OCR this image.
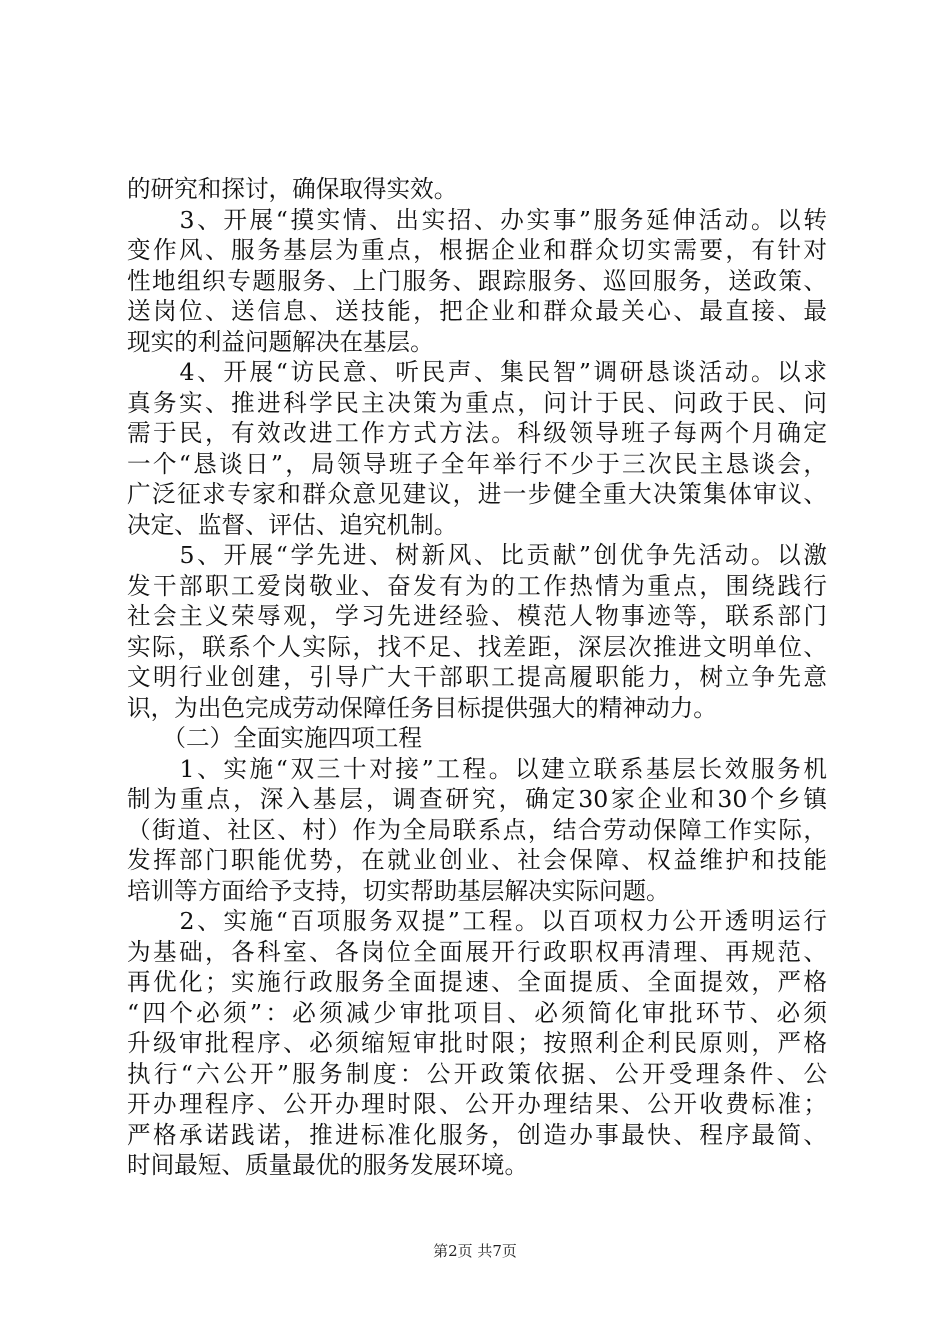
的研究和探讨，确保取得实效。
　　3、开展“摸实情、出实招、办实事”服务延伸活动。以转
变作风、服务基层为重点，根据企业和群众切实需要，有针对
性地组织专题服务、上门服务、跟踪服务、巡回服务，送政策、
送岗位、送信息、送技能，把企业和群众最关心、最直接、最
现实的利益问题解决在基层。
　　4、开展“访民意、听民声、集民智”调研恳谈活动。以求
真务实、推进科学民主决策为重点，问计于民、问政于民、问
需于民，有效改进工作方式方法。科级领导班子每两个月确定
一个“恳谈日”，局领导班子全年举行不少于三次民主恳谈会，
广泛征求专家和群众意见建议，进一步健全重大决策集体审议、
决定、监督、评估、追究机制。
　　5、开展“学先进、树新风、比贡献”创优争先活动。以激
发干部职工爱岗敬业、奋发有为的工作热情为重点，围绕践行
社会主义荣辱观，学习先进经验、模范人物事迹等，联系部门
实际，联系个人实际，找不足、找差距，深层次推进文明单位、
文明行业创建，引导广大干部职工提高履职能力，树立争先意
识，为出色完成劳动保障任务目标提供强大的精神动力。
　　（二）全面实施四项工程
　　1、实施“双三十对接”工程。以建立联系基层长效服务机
制为重点，深入基层，调查研究，确定30家企业和30个乡镇
（街道、社区、村）作为全局联系点，结合劳动保障工作实际，
发挥部门职能优势，在就业创业、社会保障、权益维护和技能
培训等方面给予支持，切实帮助基层解决实际问题。
　　2、实施“百项服务双提”工程。以百项权力公开透明运行
为基础，各科室、各岗位全面展开行政职权再清理、再规范、
再优化；实施行政服务全面提速、全面提质、全面提效，严格
“四个必须”：必须减少审批项目、必须简化审批环节、必须
升级审批程序、必须缩短审批时限；按照利企利民原则，严格
执行“六公开”服务制度：公开政策依据、公开受理条件、公
开办理程序、公开办理时限、公开办理结果、公开收费标准；
严格承诺践诺，推进标准化服务，创造办事最快、程序最简、
时间最短、质量最优的服务发展环境。
第2页 共7页
